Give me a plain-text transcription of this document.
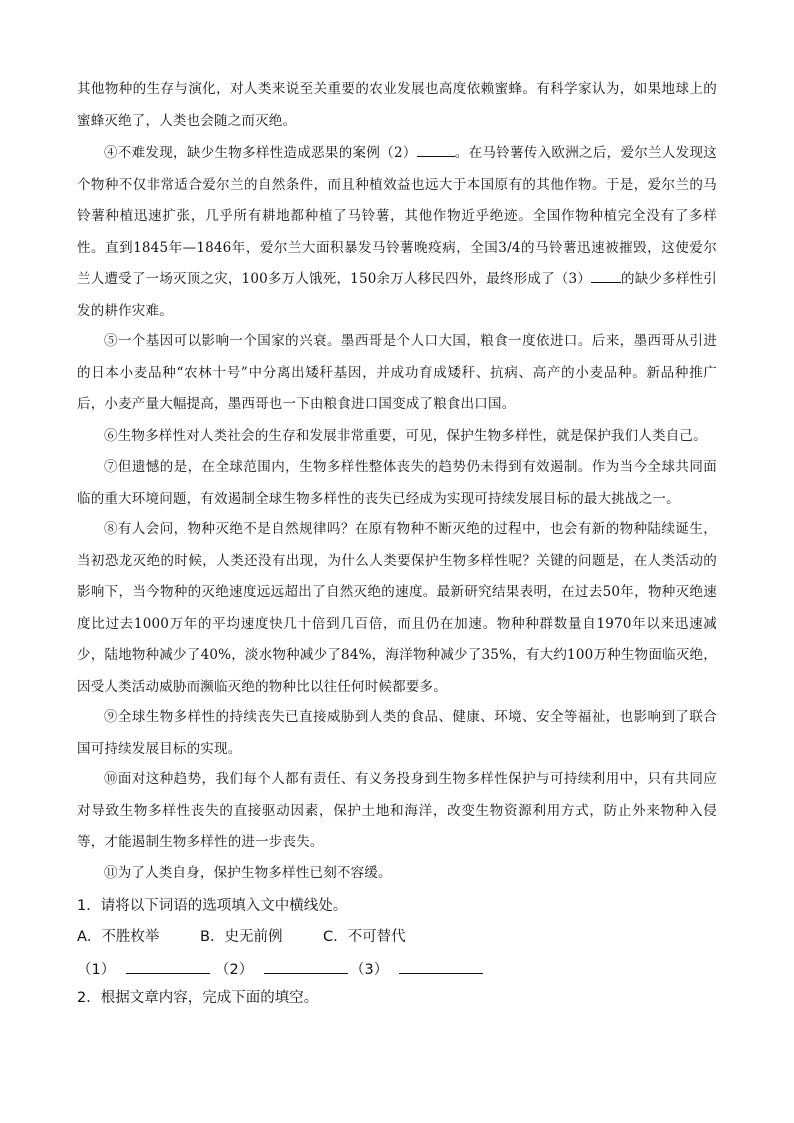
其他物种的生存与演化，对人类来说至关重要的农业发展也高度依赖蜜蜂。有科学家认为，如果地球上的蜜蜂灭绝了，人类也会随之而灭绝。
④不难发现，缺少生物多样性造成恶果的案例（2）	。在马铃薯传入欧洲之后，爱尔兰人发现这个物种不仅非常适合爱尔兰的自然条件，而且种植效益也远大于本国原有的其他作物。于是，爱尔兰的马铃薯种植迅速扩张，几乎所有耕地都种植了马铃薯，其他作物近乎绝迹。全国作物种植完全没有了多样性。直到1845年—1846年，爱尔兰大面积暴发马铃薯晚疫病，全国3/4的马铃薯迅速被摧毁，这使爱尔兰人遭受了一场灭顶之灾，100多万人饿死，150余万人移民四外，最终形成了（3） 的缺少多样性引发的耕作灾难。
⑤一个基因可以影响一个国家的兴衰。墨西哥是个人口大国，粮食一度依进口。后来，墨西哥从引进的日本小麦品种“农林十号”中分离出矮秆基因，并成功育成矮秆、抗病、高产的小麦品种。新品种推广后，小麦产量大幅提高，墨西哥也一下由粮食进口国变成了粮食出口国。
⑥生物多样性对人类社会的生存和发展非常重要，可见，保护生物多样性，就是保护我们人类自己。
⑦但遗憾的是，在全球范围内，生物多样性整体丧失的趋势仍未得到有效遏制。作为当今全球共同面临的重大环境问题，有效遏制全球生物多样性的丧失已经成为实现可持续发展目标的最大挑战之一。
⑧有人会问，物种灭绝不是自然规律吗？在原有物种不断灭绝的过程中，也会有新的物种陆续诞生，当初恐龙灭绝的时候，人类还没有出现，为什么人类要保护生物多样性呢？关键的问题是，在人类活动的影响下，当今物种的灭绝速度远远超出了自然灭绝的速度。最新研究结果表明，在过去50年，物种灭绝速度比过去1000万年的平均速度快几十倍到几百倍，而且仍在加速。物种种群数量自1970年以来迅速减少，陆地物种减少了40%，淡水物种减少了84%，海洋物种减少了35%，有大约100万种生物面临灭绝，因受人类活动威胁而濒临灭绝的物种比以往任何时候都要多。
⑨全球生物多样性的持续丧失已直接威胁到人类的食品、健康、环境、安全等福祉，也影响到了联合国可持续发展目标的实现。
⑩面对这种趋势，我们每个人都有责任、有义务投身到生物多样性保护与可持续利用中，只有共同应对导致生物多样性丧失的直接驱动因素，保护土地和海洋，改变生物资源利用方式，防止外来物种入侵等，才能遏制生物多样性的进一步丧失。
⑪为了人类自身，保护生物多样性已刻不容缓。
1．请将以下词语的选项填入文中横线处。
A．不胜枚举	B．史无前例	C．不可替代
（1）	（2）	（3）
2．根据文章内容，完成下面的填空。
